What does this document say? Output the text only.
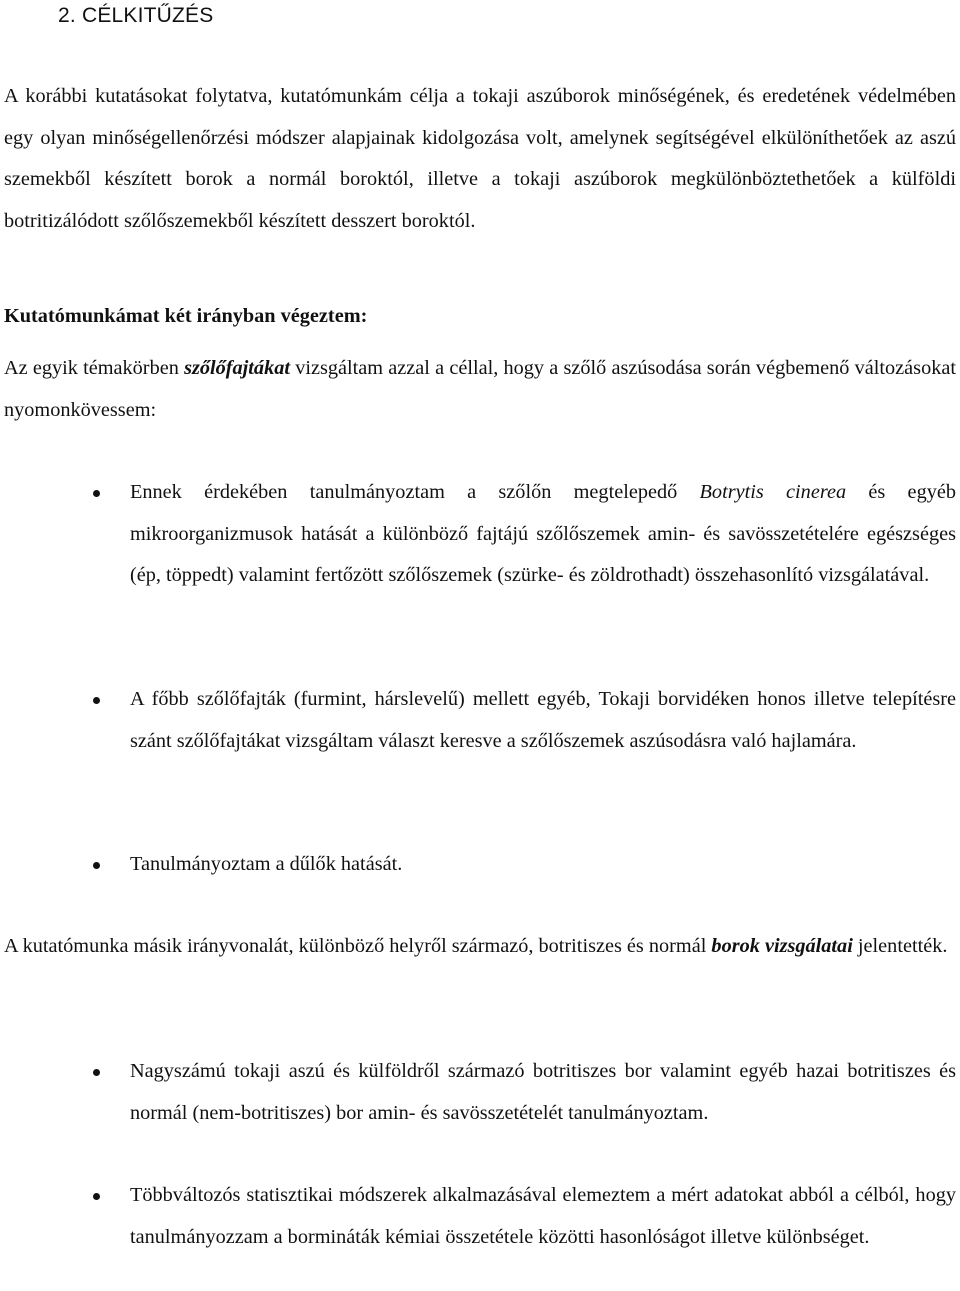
2. CÉLKITŰZÉS

A korábbi kutatásokat folytatva, kutatómunkám célja a tokaji aszúborok minőségének, és eredetének védelmében egy olyan minőségellenőrzési módszer alapjainak kidolgozása volt, amelynek segítségével elkülöníthetőek az aszú szemekből készített borok a normál boroktól, illetve a tokaji aszúborok megkülönböztethetőek a külföldi botritizálódott szőlőszemekből készített desszert boroktól.

Kutatómunkámat két irányban végeztem:

Az egyik témakörben szőlőfajtákat vizsgáltam azzal a céllal, hogy a szőlő aszúsodása során végbemenő változásokat nyomonkövessem:

Ennek érdekében tanulmányoztam a szőlőn megtelepedő Botrytis cinerea és egyéb mikroorganizmusok hatását a különböző fajtájú szőlőszemek amin- és savösszetételére egészséges (ép, töppedt) valamint fertőzött szőlőszemek (szürke- és zöldrothadt) összehasonlító vizsgálatával.

A főbb szőlőfajták (furmint, hárslevelű) mellett egyéb, Tokaji borvidéken honos illetve telepítésre szánt szőlőfajtákat vizsgáltam választ keresve a szőlőszemek aszúsodásra való hajlamára.

Tanulmányoztam a dűlők hatását.

A kutatómunka másik irányvonalát, különböző helyről származó, botritiszes és normál borok vizsgálatai jelentették.

Nagyszámú tokaji aszú és külföldről származó botritiszes bor valamint egyéb hazai botritiszes és normál (nem-botritiszes) bor amin- és savösszetételét tanulmányoztam.

Többváltozós statisztikai módszerek alkalmazásával elemeztem a mért adatokat abból a célból, hogy tanulmányozzam a bormináták kémiai összetétele közötti hasonlóságot illetve különbséget.
